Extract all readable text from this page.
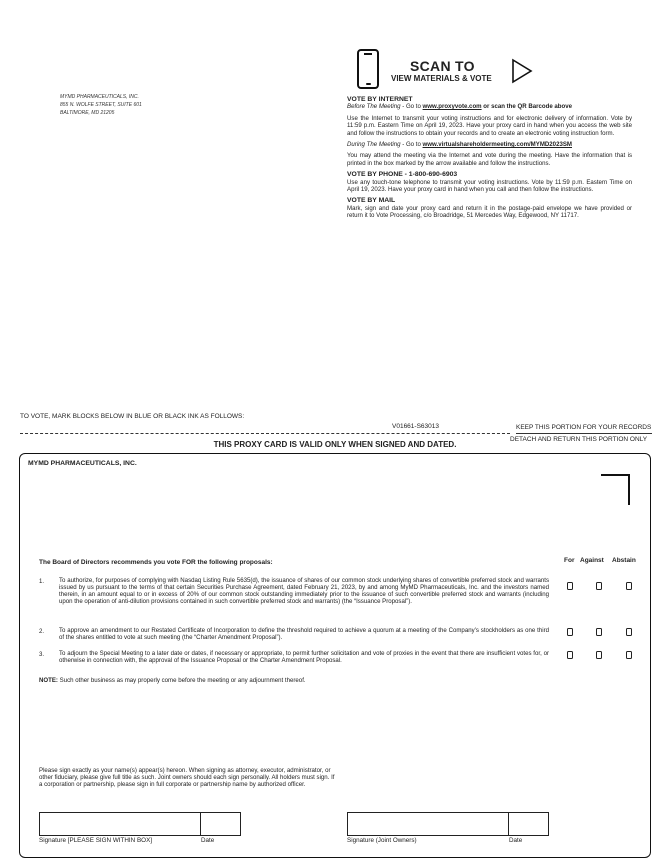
MYMD PHARMACEUTICALS, INC.
855 N. WOLFE STREET, SUITE 601
BALTIMORE, MD 21205
SCAN TO
VIEW MATERIALS & VOTE
VOTE BY INTERNET
Before The Meeting - Go to www.proxyvote.com or scan the QR Barcode above
Use the Internet to transmit your voting instructions and for electronic delivery of information. Vote by 11:59 p.m. Eastern Time on April 19, 2023. Have your proxy card in hand when you access the web site and follow the instructions to obtain your records and to create an electronic voting instruction form.
During The Meeting - Go to www.virtualshareholdermeeting.com/MYMD2023SM
You may attend the meeting via the Internet and vote during the meeting. Have the information that is printed in the box marked by the arrow available and follow the instructions.
VOTE BY PHONE - 1-800-690-6903
Use any touch-tone telephone to transmit your voting instructions. Vote by 11:59 p.m. Eastern Time on April 19, 2023. Have your proxy card in hand when you call and then follow the instructions.
VOTE BY MAIL
Mark, sign and date your proxy card and return it in the postage-paid envelope we have provided or return it to Vote Processing, c/o Broadridge, 51 Mercedes Way, Edgewood, NY 11717.
TO VOTE, MARK BLOCKS BELOW IN BLUE OR BLACK INK AS FOLLOWS:
V01661-S63013	KEEP THIS PORTION FOR YOUR RECORDS
DETACH AND RETURN THIS PORTION ONLY
THIS PROXY CARD IS VALID ONLY WHEN SIGNED AND DATED.
MYMD PHARMACEUTICALS, INC.
The Board of Directors recommends you vote FOR the following proposals:	For Against Abstain
1. To authorize, for purposes of complying with Nasdaq Listing Rule 5635(d), the issuance of shares of our common stock underlying shares of convertible preferred stock and warrants issued by us pursuant to the terms of that certain Securities Purchase Agreement, dated February 21, 2023, by and among MyMD Pharmaceuticals, Inc. and the investors named therein, in an amount equal to or in excess of 20% of our common stock outstanding immediately prior to the issuance of such convertible preferred stock and warrants (including upon the operation of anti-dilution provisions contained in such convertible preferred stock and warrants) (the “Issuance Proposal”).
2. To approve an amendment to our Restated Certificate of Incorporation to define the threshold required to achieve a quorum at a meeting of the Company’s stockholders as one third of the shares entitled to vote at such meeting (the “Charter Amendment Proposal”).
3. To adjourn the Special Meeting to a later date or dates, if necessary or appropriate, to permit further solicitation and vote of proxies in the event that there are insufficient votes for, or otherwise in connection with, the approval of the Issuance Proposal or the Charter Amendment Proposal.
NOTE: Such other business as may properly come before the meeting or any adjournment thereof.
Please sign exactly as your name(s) appear(s) hereon. When signing as attorney, executor, administrator, or other fiduciary, please give full title as such. Joint owners should each sign personally. All holders must sign. If a corporation or partnership, please sign in full corporate or partnership name by authorized officer.
Signature [PLEASE SIGN WITHIN BOX]	Date	Signature (Joint Owners)	Date
